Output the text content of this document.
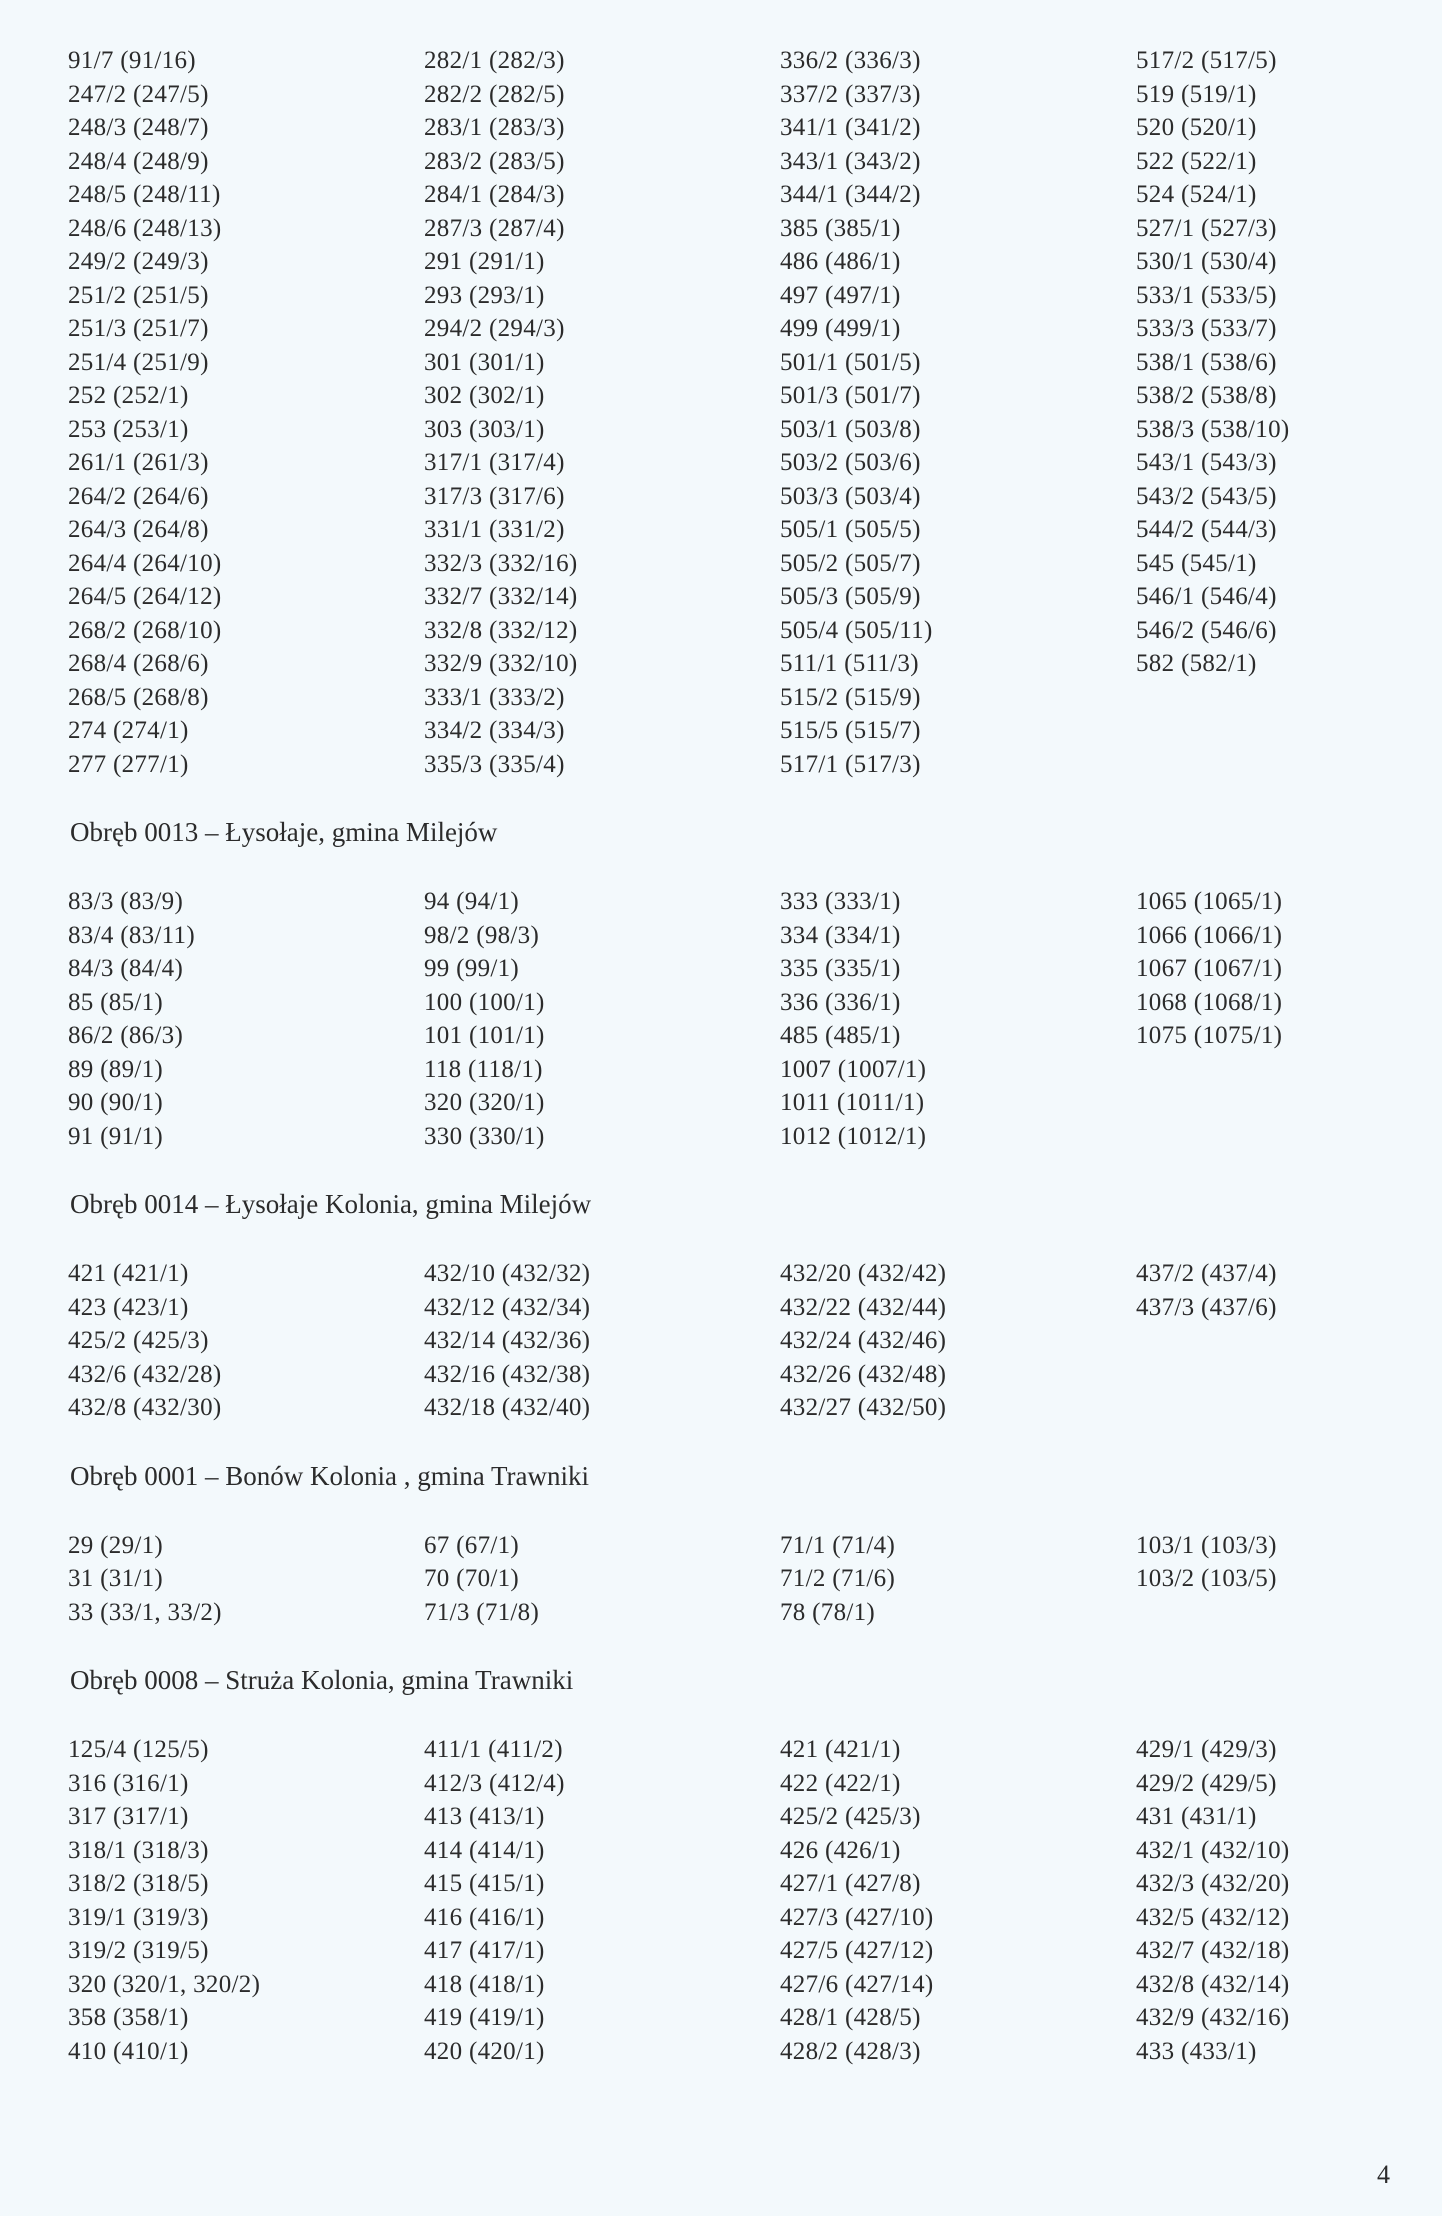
91/7 (91/16)
247/2 (247/5)
248/3 (248/7)
248/4 (248/9)
248/5 (248/11)
248/6 (248/13)
249/2 (249/3)
251/2 (251/5)
251/3 (251/7)
251/4 (251/9)
252 (252/1)
253 (253/1)
261/1 (261/3)
264/2 (264/6)
264/3 (264/8)
264/4 (264/10)
264/5 (264/12)
268/2 (268/10)
268/4 (268/6)
268/5 (268/8)
274 (274/1)
277 (277/1)
282/1 (282/3)
282/2 (282/5)
283/1 (283/3)
283/2 (283/5)
284/1 (284/3)
287/3 (287/4)
291 (291/1)
293 (293/1)
294/2 (294/3)
301 (301/1)
302 (302/1)
303 (303/1)
317/1 (317/4)
317/3 (317/6)
331/1 (331/2)
332/3 (332/16)
332/7 (332/14)
332/8 (332/12)
332/9 (332/10)
333/1 (333/2)
334/2 (334/3)
335/3 (335/4)
336/2 (336/3)
337/2 (337/3)
341/1 (341/2)
343/1 (343/2)
344/1 (344/2)
385 (385/1)
486 (486/1)
497 (497/1)
499 (499/1)
501/1 (501/5)
501/3 (501/7)
503/1 (503/8)
503/2 (503/6)
503/3 (503/4)
505/1 (505/5)
505/2 (505/7)
505/3 (505/9)
505/4 (505/11)
511/1 (511/3)
515/2 (515/9)
515/5 (515/7)
517/1 (517/3)
517/2 (517/5)
519 (519/1)
520 (520/1)
522 (522/1)
524 (524/1)
527/1 (527/3)
530/1 (530/4)
533/1 (533/5)
533/3 (533/7)
538/1 (538/6)
538/2 (538/8)
538/3 (538/10)
543/1 (543/3)
543/2 (543/5)
544/2 (544/3)
545 (545/1)
546/1 (546/4)
546/2 (546/6)
582 (582/1)
Obręb 0013 – Łysołaje, gmina Milejów
83/3 (83/9)
83/4 (83/11)
84/3 (84/4)
85 (85/1)
86/2 (86/3)
89 (89/1)
90 (90/1)
91 (91/1)
94 (94/1)
98/2 (98/3)
99 (99/1)
100 (100/1)
101 (101/1)
118 (118/1)
320 (320/1)
330 (330/1)
333 (333/1)
334 (334/1)
335 (335/1)
336 (336/1)
485 (485/1)
1007 (1007/1)
1011 (1011/1)
1012 (1012/1)
1065 (1065/1)
1066 (1066/1)
1067 (1067/1)
1068 (1068/1)
1075 (1075/1)
Obręb 0014 – Łysołaje Kolonia, gmina Milejów
421 (421/1)
423 (423/1)
425/2 (425/3)
432/6 (432/28)
432/8 (432/30)
432/10 (432/32)
432/12 (432/34)
432/14 (432/36)
432/16 (432/38)
432/18 (432/40)
432/20 (432/42)
432/22 (432/44)
432/24 (432/46)
432/26 (432/48)
432/27 (432/50)
437/2 (437/4)
437/3 (437/6)
Obręb 0001 – Bonów Kolonia , gmina Trawniki
29 (29/1)
31 (31/1)
33 (33/1, 33/2)
67 (67/1)
70 (70/1)
71/3 (71/8)
71/1 (71/4)
71/2 (71/6)
78 (78/1)
103/1 (103/3)
103/2 (103/5)
Obręb 0008 – Strużа Kolonia, gmina Trawniki
125/4 (125/5)
316 (316/1)
317 (317/1)
318/1 (318/3)
318/2 (318/5)
319/1 (319/3)
319/2 (319/5)
320 (320/1, 320/2)
358 (358/1)
410 (410/1)
411/1 (411/2)
412/3 (412/4)
413 (413/1)
414 (414/1)
415 (415/1)
416 (416/1)
417 (417/1)
418 (418/1)
419 (419/1)
420 (420/1)
421 (421/1)
422 (422/1)
425/2 (425/3)
426 (426/1)
427/1 (427/8)
427/3 (427/10)
427/5 (427/12)
427/6 (427/14)
428/1 (428/5)
428/2 (428/3)
429/1 (429/3)
429/2 (429/5)
431 (431/1)
432/1 (432/10)
432/3 (432/20)
432/5 (432/12)
432/7 (432/18)
432/8 (432/14)
432/9 (432/16)
433 (433/1)
4
